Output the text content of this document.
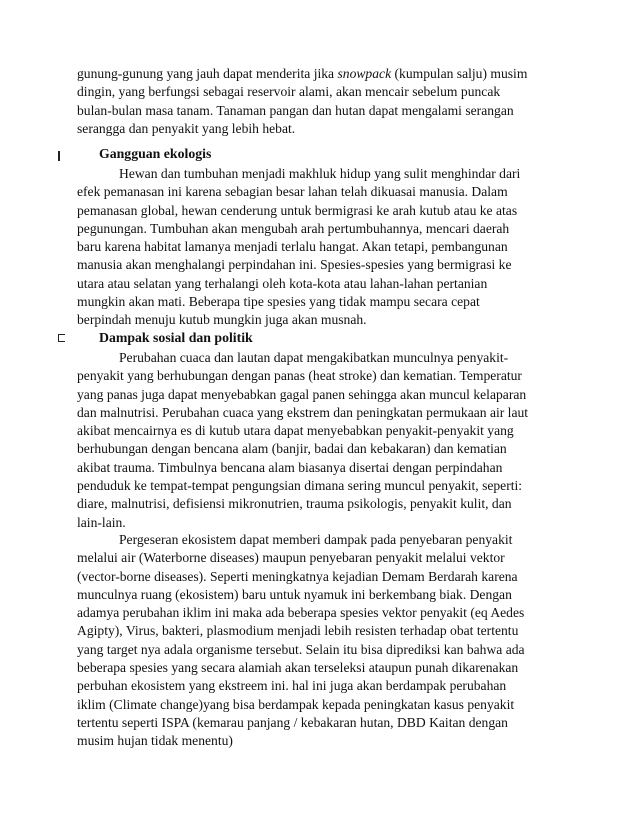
gunung-gunung yang jauh dapat menderita jika snowpack (kumpulan salju) musim
dingin, yang berfungsi sebagai reservoir alami, akan mencair sebelum puncak
bulan-bulan masa tanam. Tanaman pangan dan hutan dapat mengalami serangan
serangga dan penyakit yang lebih hebat.

Gangguan ekologis

Hewan dan tumbuhan menjadi makhluk hidup yang sulit menghindar dari
efek pemanasan ini karena sebagian besar lahan telah dikuasai manusia. Dalam
pemanasan global, hewan cenderung untuk bermigrasi ke arah kutub atau ke atas
pegunungan. Tumbuhan akan mengubah arah pertumbuhannya, mencari daerah
baru karena habitat lamanya menjadi terlalu hangat. Akan tetapi, pembangunan
manusia akan menghalangi perpindahan ini. Spesies-spesies yang bermigrasi ke
utara atau selatan yang terhalangi oleh kota-kota atau lahan-lahan pertanian
mungkin akan mati. Beberapa tipe spesies yang tidak mampu secara cepat
berpindah menuju kutub mungkin juga akan musnah.

Dampak sosial dan politik

Perubahan cuaca dan lautan dapat mengakibatkan munculnya penyakit-
penyakit yang berhubungan dengan panas (heat stroke) dan kematian. Temperatur
yang panas juga dapat menyebabkan gagal panen sehingga akan muncul kelaparan
dan malnutrisi. Perubahan cuaca yang ekstrem dan peningkatan permukaan air laut
akibat mencairnya es di kutub utara dapat menyebabkan penyakit-penyakit yang
berhubungan dengan bencana alam (banjir, badai dan kebakaran) dan kematian
akibat trauma. Timbulnya bencana alam biasanya disertai dengan perpindahan
penduduk ke tempat-tempat pengungsian dimana sering muncul penyakit, seperti:
diare, malnutrisi, defisiensi mikronutrien, trauma psikologis, penyakit kulit, dan
lain-lain.

Pergeseran ekosistem dapat memberi dampak pada penyebaran penyakit
melalui air (Waterborne diseases) maupun penyebaran penyakit melalui vektor
(vector-borne diseases). Seperti meningkatnya kejadian Demam Berdarah karena
munculnya ruang (ekosistem) baru untuk nyamuk ini berkembang biak. Dengan
adamya perubahan iklim ini maka ada beberapa spesies vektor penyakit (eq Aedes
Agipty), Virus, bakteri, plasmodium menjadi lebih resisten terhadap obat tertentu
yang target nya adala organisme tersebut. Selain itu bisa diprediksi kan bahwa ada
beberapa spesies yang secara alamiah akan terseleksi ataupun punah dikarenakan
perbuhan ekosistem yang ekstreem ini. hal ini juga akan berdampak perubahan
iklim (Climate change)yang bisa berdampak kepada peningkatan kasus penyakit
tertentu seperti ISPA (kemarau panjang / kebakaran hutan, DBD Kaitan dengan
musim hujan tidak menentu)
